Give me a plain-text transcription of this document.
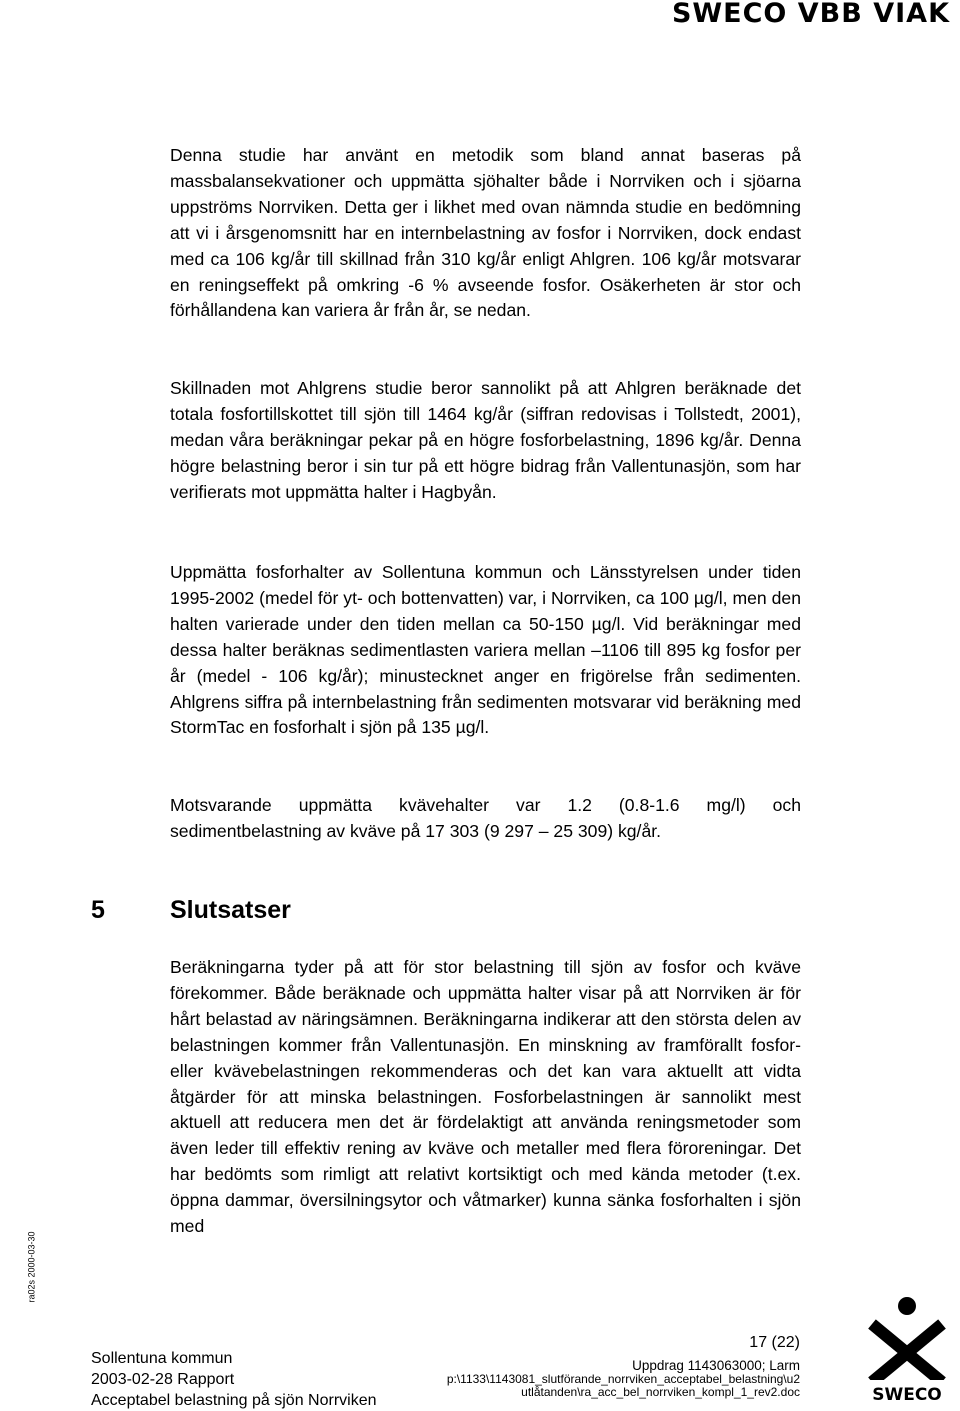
SWECO VBB VIAK

Denna studie har använt en metodik som bland annat baseras på massbalansekvationer och uppmätta sjöhalter både i Norrviken och i sjöarna uppströms Norrviken. Detta ger i likhet med ovan nämnda studie en bedömning att vi i årsgenomsnitt har en internbelastning av fosfor i Norrviken, dock endast med ca 106 kg/år till skillnad från 310 kg/år enligt Ahlgren. 106 kg/år motsvarar en reningseffekt på omkring -6 % avseende fosfor. Osäkerheten är stor och förhållandena kan variera år från år, se nedan.

Skillnaden mot Ahlgrens studie beror sannolikt på att Ahlgren beräknade det totala fosfortillskottet till sjön till 1464 kg/år (siffran redovisas i Tollstedt, 2001), medan våra beräkningar pekar på en högre fosforbelastning, 1896 kg/år. Denna högre belastning beror i sin tur på ett högre bidrag från Vallentunasjön, som har verifierats mot uppmätta halter i Hagbyån.

Uppmätta fosforhalter av Sollentuna kommun och Länsstyrelsen under tiden 1995-2002 (medel för yt- och bottenvatten) var, i Norrviken, ca 100 µg/l, men den halten varierade under den tiden mellan ca 50-150 µg/l. Vid beräkningar med dessa halter beräknas sedimentlasten variera mellan –1106 till 895 kg fosfor per år (medel - 106 kg/år); minustecknet anger en frigörelse från sedimenten. Ahlgrens siffra på internbelastning från sedimenten motsvarar vid beräkning med StormTac en fosforhalt i sjön på 135 µg/l.

Motsvarande uppmätta kvävehalter var 1.2 (0.8-1.6 mg/l) och sedimentbelastning av kväve på 17 303 (9 297 – 25 309) kg/år.

5	Slutsatser

Beräkningarna tyder på att för stor belastning till sjön av fosfor och kväve förekommer. Både beräknade och uppmätta halter visar på att Norrviken är för hårt belastad av näringsämnen. Beräkningarna indikerar att den största delen av belastningen kommer från Vallentunasjön. En minskning av framförallt fosfor- eller kvävebelastningen rekommenderas och det kan vara aktuellt att vidta åtgärder för att minska belastningen. Fosforbelastningen är sannolikt mest aktuell att reducera men det är fördelaktigt att använda reningsmetoder som även leder till effektiv rening av kväve och metaller med flera föroreningar. Det har bedömts som rimligt att relativt kortsiktigt och med kända metoder (t.ex. öppna dammar, översilningsytor och våtmarker) kunna sänka fosforhalten i sjön med

ra02s 2000-03-30
Sollentuna kommun
2003-02-28 Rapport
Acceptabel belastning på sjön Norrviken
17 (22)
Uppdrag 1143063000; Larm
p:\1133\1143081_slutförande_norrviken_acceptabel_belastning\u2
utlåtanden\ra_acc_bel_norrviken_kompl_1_rev2.doc	SWECO
